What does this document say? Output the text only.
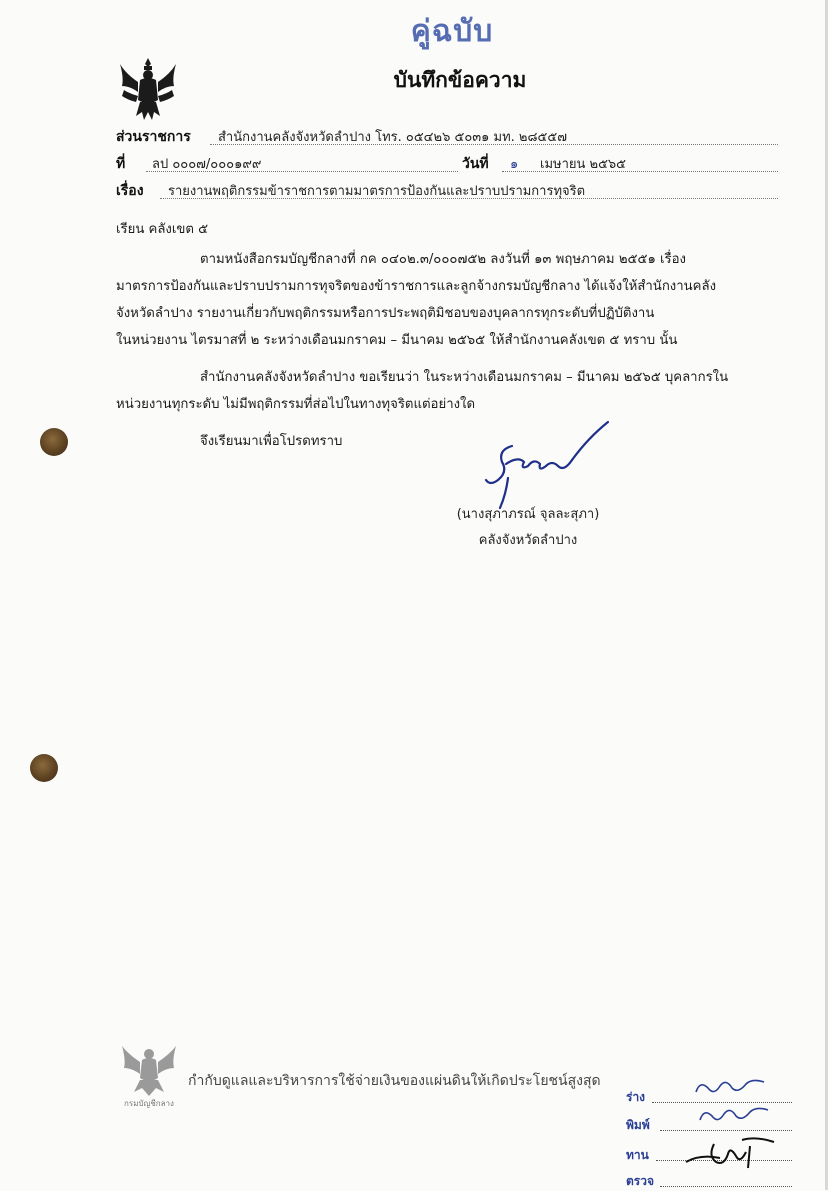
คู่ฉบับ
บันทึกข้อความ
ส่วนราชการ สำนักงานคลังจังหวัดลำปาง โทร. ๐๕๔๒๖ ๕๐๓๑ มท. ๒๘๕๕๗
ที่ ลป ๐๐๐๗/๐๐๐๑๙๙	วันที่ ๑ เมษายน ๒๕๖๕
เรื่อง รายงานพฤติกรรมข้าราชการตามมาตรการป้องกันและปราบปรามการทุจริต
เรียน คลังเขต ๕
ตามหนังสือกรมบัญชีกลางที่ กค ๐๔๐๒.๓/๐๐๐๗๕๒ ลงวันที่ ๑๓ พฤษภาคม ๒๕๕๑ เรื่อง
มาตรการป้องกันและปราบปรามการทุจริตของข้าราชการและลูกจ้างกรมบัญชีกลาง ได้แจ้งให้สำนักงานคลัง
จังหวัดลำปาง รายงานเกี่ยวกับพฤติกรรมหรือการประพฤติมิชอบของบุคลากรทุกระดับที่ปฏิบัติงาน
ในหน่วยงาน ไตรมาสที่ ๒ ระหว่างเดือนมกราคม – มีนาคม ๒๕๖๕ ให้สำนักงานคลังเขต ๕ ทราบ นั้น
สำนักงานคลังจังหวัดลำปาง ขอเรียนว่า ในระหว่างเดือนมกราคม – มีนาคม ๒๕๖๕ บุคลากรใน
หน่วยงานทุกระดับ ไม่มีพฤติกรรมที่ส่อไปในทางทุจริตแต่อย่างใด
จึงเรียนมาเพื่อโปรดทราบ
(นางสุภาภรณ์ จุลละสุภา)
คลังจังหวัดลำปาง
กรมบัญชีกลาง
กำกับดูแลและบริหารการใช้จ่ายเงินของแผ่นดินให้เกิดประโยชน์สูงสุด
ร่าง
พิมพ์
ทาน
ตรวจ
